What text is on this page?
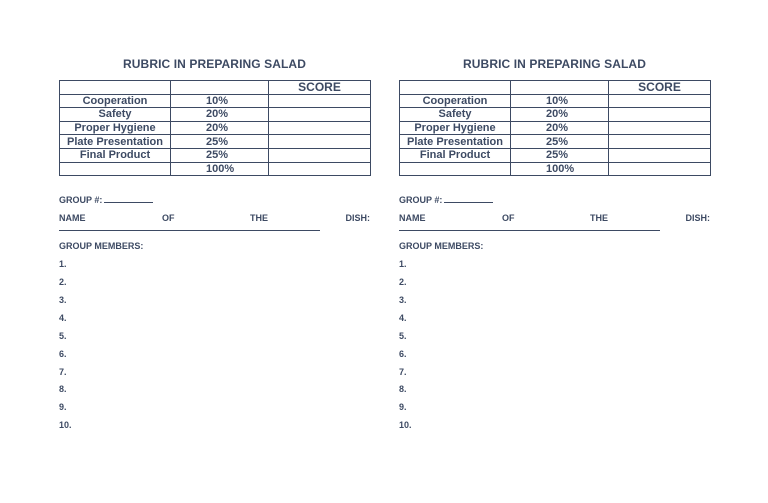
RUBRIC IN PREPARING SALAD
		SCORE
Cooperation	10%	
Safety	20%	
Proper Hygiene	20%	
Plate Presentation	25%	
Final Product	25%	
	100%	
GROUP #:
NAME	OF	THE	DISH:
GROUP MEMBERS:
1.
2.
3.
4.
5.
6.
7.
8.
9.
10.
RUBRIC IN PREPARING SALAD
		SCORE
Cooperation	10%	
Safety	20%	
Proper Hygiene	20%	
Plate Presentation	25%	
Final Product	25%	
	100%	
GROUP #:
NAME	OF	THE	DISH:
GROUP MEMBERS:
1.
2.
3.
4.
5.
6.
7.
8.
9.
10.
